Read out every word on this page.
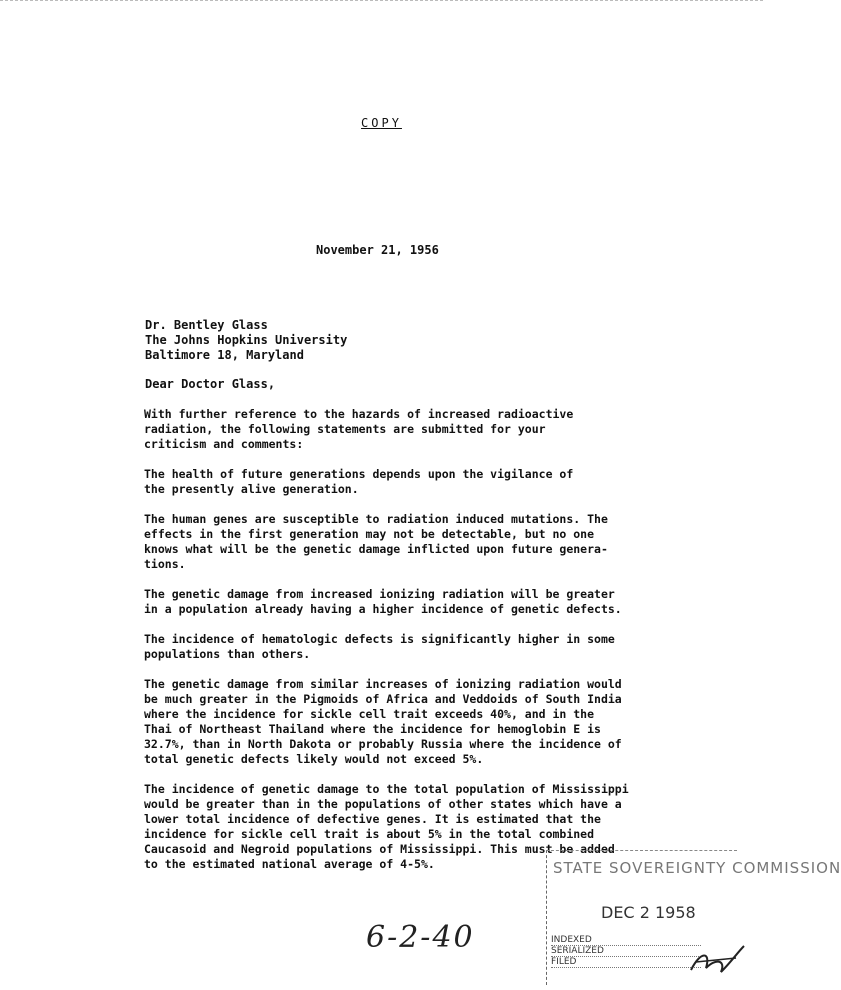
COPY
November 21, 1956
Dr. Bentley Glass
The Johns Hopkins University
Baltimore 18, Maryland
Dear Doctor Glass,

With further reference to the hazards of increased radioactive
radiation, the following statements are submitted for your
criticism and comments:

The health of future generations depends upon the vigilance of
the presently alive generation.

The human genes are susceptible to radiation induced mutations. The
effects in the first generation may not be detectable, but no one
knows what will be the genetic damage inflicted upon future genera-
tions.

The genetic damage from increased ionizing radiation will be greater
in a population already having a higher incidence of genetic defects.

The incidence of hematologic defects is significantly higher in some
populations than others.

The genetic damage from similar increases of ionizing radiation would
be much greater in the Pigmoids of Africa and Veddoids of South India
where the incidence for sickle cell trait exceeds 40%, and in the
Thai of Northeast Thailand where the incidence for hemoglobin E is
32.7%, than in North Dakota or probably Russia where the incidence of
total genetic defects likely would not exceed 5%.

The incidence of genetic damage to the total population of Mississippi
would be greater than in the populations of other states which have a
lower total incidence of defective genes. It is estimated that the
incidence for sickle cell trait is about 5% in the total combined
Caucasoid and Negroid populations of Mississippi. This must be added
to the estimated national average of 4-5%.	STATE SOVEREIGNTY COMMISSION
DEC 2 1958
INDEXED
SERIALIZED
FILED
6-2-40
